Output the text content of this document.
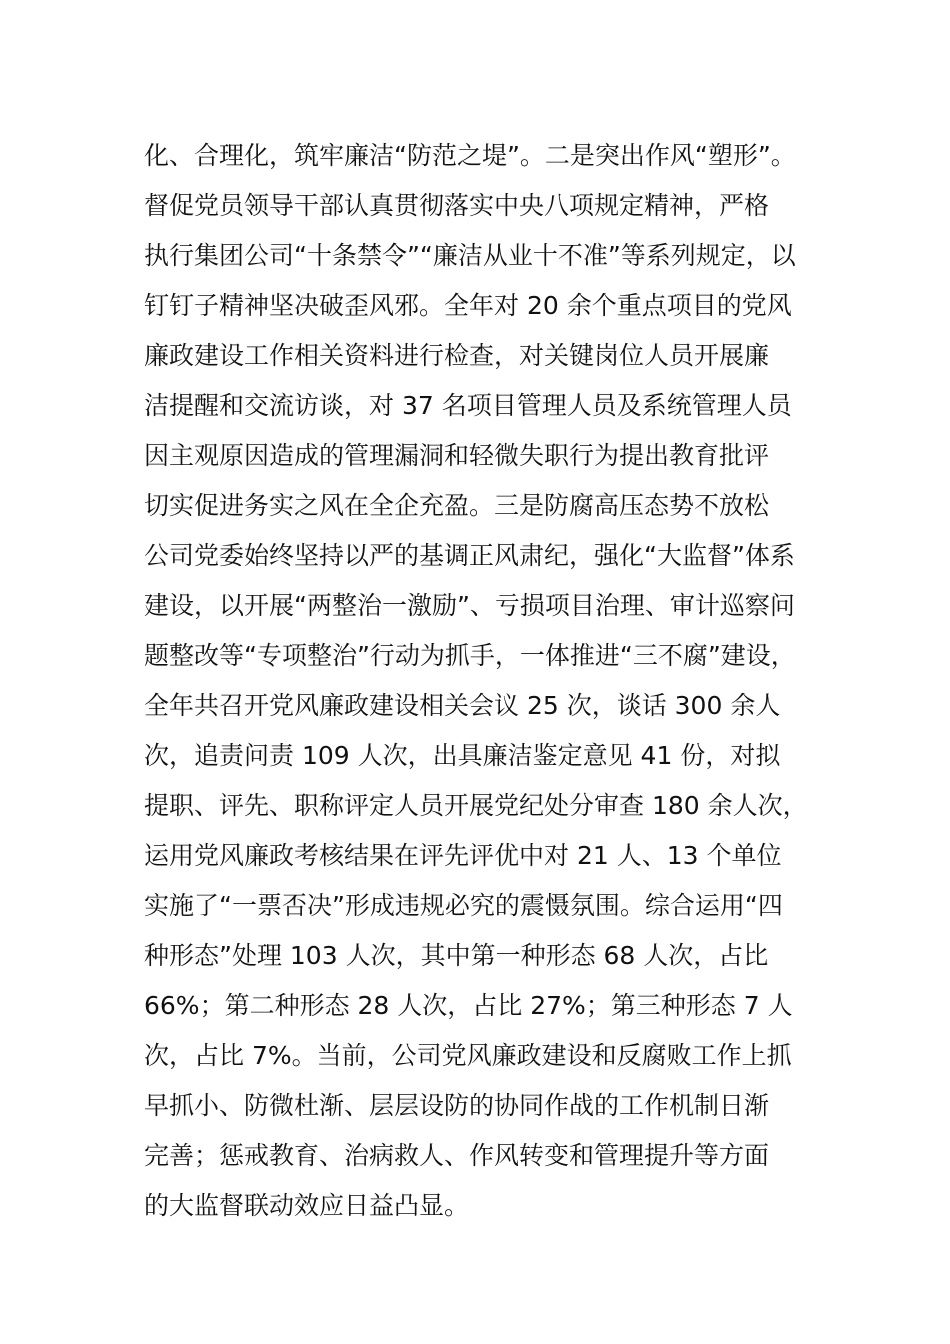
化、合理化，筑牢廉洁“防范之堤”。二是突出作风“塑形”。
督促党员领导干部认真贯彻落实中央八项规定精神，严格
执行集团公司“十条禁令”“廉洁从业十不准”等系列规定，以
钉钉子精神坚决破歪风邪。全年对 20 余个重点项目的党风
廉政建设工作相关资料进行检查，对关键岗位人员开展廉
洁提醒和交流访谈，对 37 名项目管理人员及系统管理人员
因主观原因造成的管理漏洞和轻微失职行为提出教育批评
切实促进务实之风在全企充盈。三是防腐高压态势不放松
公司党委始终坚持以严的基调正风肃纪，强化“大监督”体系
建设，以开展“两整治一激励”、亏损项目治理、审计巡察问
题整改等“专项整治”行动为抓手，一体推进“三不腐”建设，
全年共召开党风廉政建设相关会议 25 次，谈话 300 余人
次，追责问责 109 人次，出具廉洁鉴定意见 41 份，对拟
提职、评先、职称评定人员开展党纪处分审查 180 余人次，
运用党风廉政考核结果在评先评优中对 21 人、13 个单位
实施了“一票否决”形成违规必究的震慑氛围。综合运用“四
种形态”处理 103 人次，其中第一种形态 68 人次，占比
66%；第二种形态 28 人次，占比 27%；第三种形态 7 人
次，占比 7%。当前，公司党风廉政建设和反腐败工作上抓
早抓小、防微杜渐、层层设防的协同作战的工作机制日渐
完善；惩戒教育、治病救人、作风转变和管理提升等方面
的大监督联动效应日益凸显。
